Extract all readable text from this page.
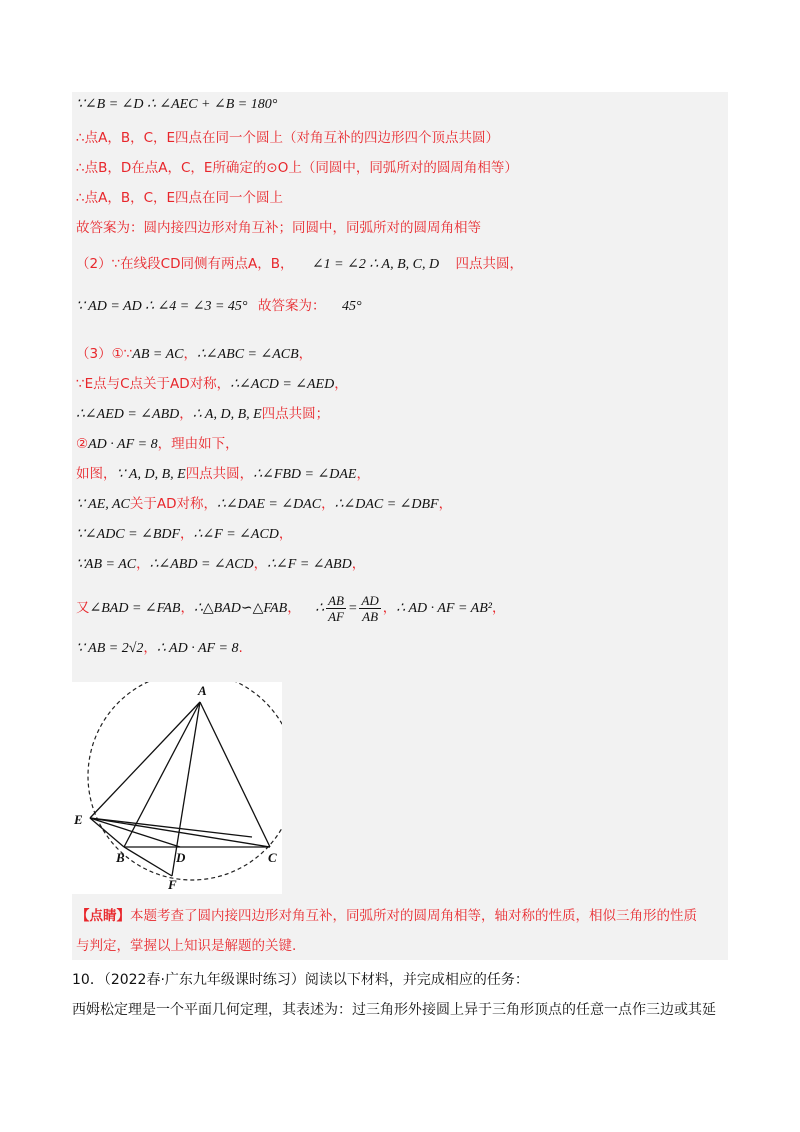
∵∠B = ∠D ∴ ∠AEC + ∠B = 180°
∴点A，B，C，E四点在同一个圆上（对角互补的四边形四个顶点共圆）
∴点B，D在点A，C，E所确定的⊙O上（同圆中，同弧所对的圆周角相等）
∴点A，B，C，E四点在同一个圆上
故答案为：圆内接四边形对角互补；同圆中，同弧所对的圆周角相等
（2）∵在线段CD同侧有两点A，B， ∠1 = ∠2 ∴ A, B, C, D 四点共圆，
∵ AD = AD ∴ ∠4 = ∠3 = 45° 故答案为： 45°
（3）①∵AB = AC，∴∠ABC = ∠ACB，
∵E点与C点关于AD对称，∴∠ACD = ∠AED，
∴∠AED = ∠ABD，∴ A, D, B, E四点共圆；
②AD · AF = 8，理由如下，
如图，∵ A, D, B, E四点共圆，∴∠FBD = ∠DAE，
∵ AE, AC关于AD对称，∴∠DAE = ∠DAC，∴∠DAC = ∠DBF，
∵∠ADC = ∠BDF，∴∠F = ∠ACD，
∵AB = AC，∴∠ABD = ∠ACD，∴∠F = ∠ABD，
又∠BAD = ∠FAB，∴△BAD∽△FAB， ∴ $\frac{AB}{AF} = \frac{AD}{AB}$ ，∴ AD · AF = AB²，
∵ AB = 2√2，∴ AD · AF = 8.
A
E
B	D	C
F
【点睛】本题考查了圆内接四边形对角互补，同弧所对的圆周角相等，轴对称的性质，相似三角形的性质
与判定，掌握以上知识是解题的关键.
10．（2022春·广东九年级课时练习）阅读以下材料，并完成相应的任务：
西姆松定理是一个平面几何定理，其表述为：过三角形外接圆上异于三角形顶点的任意一点作三边或其延
